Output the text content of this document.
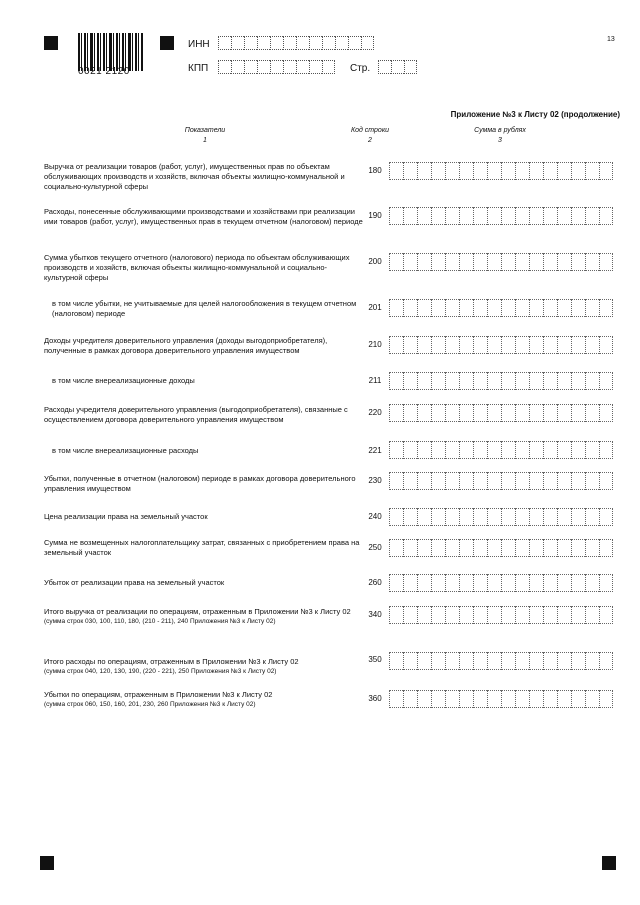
0021 2120
ИНН
КПП	Стр.
13
Приложение №3 к Листу 02 (продолжение)
Показатели
1
Код строки
2
Сумма в рублях
3
Выручка от реализации товаров (работ, услуг), имущественных прав по объектам обслуживающих производств и хозяйств, включая объекты жилищно-коммунальной и социально-культурной сферы
180
Расходы, понесенные обслуживающими производствами и хозяйствами при реализации ими товаров (работ, услуг), имущественных прав в текущем отчетном (налоговом) периоде
190
Сумма убытков текущего отчетного (налогового) периода по объектам обслуживающих производств и хозяйств, включая объекты жилищно-коммунальной и социально-культурной сферы
200
в том числе убытки, не учитываемые для целей налогообложения в текущем отчетном (налоговом) периоде
201
Доходы учредителя доверительного управления (доходы выгодоприобретателя), полученные в рамках договора доверительного управления имуществом
210
в том числе внереализационные доходы	211
Расходы учредителя доверительного управления (выгодоприобретателя), связанные с осуществлением договора доверительного управления имуществом
220
в том числе внереализационные расходы	221
Убытки, полученные в отчетном (налоговом) периоде в рамках договора доверительного управления имуществом
230
Цена реализации права на земельный участок	240
Сумма не возмещенных налогоплательщику затрат, связанных с приобретением права на земельный участок
250
Убыток от реализации права на земельный участок	260
Итого выручка от реализации по операциям, отраженным в Приложении №3 к Листу 02
(сумма строк 030, 100, 110, 180, (210 - 211), 240 Приложения №3 к Листу 02)
340
Итого расходы по операциям, отраженным в Приложении №3 к Листу 02
(сумма строк 040, 120, 130, 190, (220 - 221), 250 Приложения №3 к Листу 02)
350
Убытки по операциям, отраженным в Приложении №3 к Листу 02
(сумма строк 060, 150, 160, 201, 230, 260 Приложения №3 к Листу 02)
360
